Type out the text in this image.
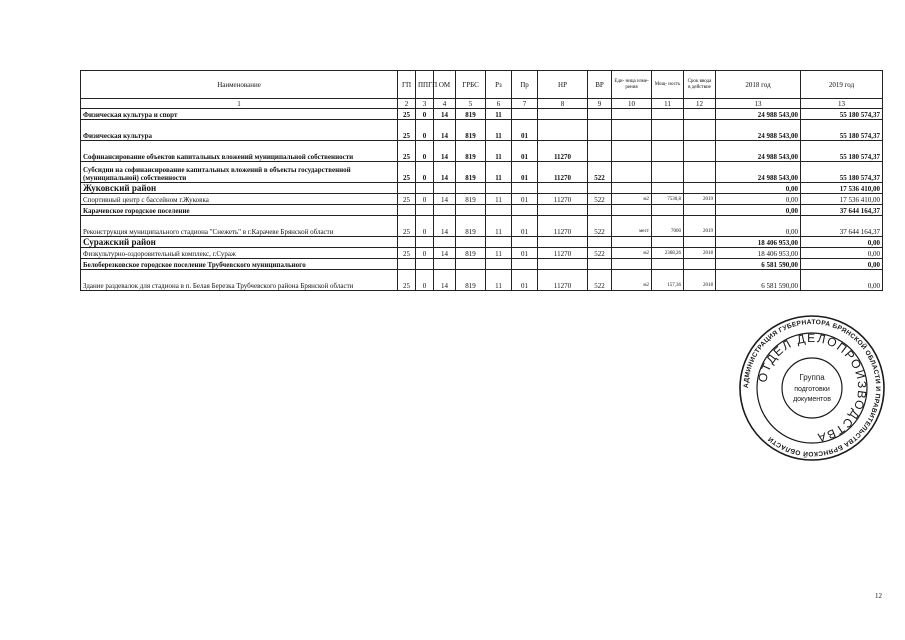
Наименование	ГП	ППГП	ОМ	ГРБС	Рз	Пр	НР	ВР	Еди- ница изме- рения	Мощ- ность	Срок ввода в действие	2018 год	2019 год
1	2	3	4	5	6	7	8	9	10	11	12	13	13
Физическая культура и спорт	25	0	14	819	11							24 988 543,00	55 180 574,37
Физическая культура	25	0	14	819	11	01						24 988 543,00	55 180 574,37
Софинансирование объектов капитальных вложений муниципальной собственности	25	0	14	819	11	01	11270					24 988 543,00	55 180 574,37
Субсидии на софинансирование капитальных вложений в объекты государственной (муниципальной) собственности	25	0	14	819	11	01	11270	522				24 988 543,00	55 180 574,37
Жуковский район												0,00	17 536 410,00
Спортивный центр с бассейном г.Жуковка	25	0	14	819	11	01	11270	522	м2	7530,8	2019	0,00	17 536 410,00
Карачевское городское поселение												0,00	37 644 164,37
Реконструкция муниципального стадиона "Снежеть" в г.Карачеве Брянской области	25	0	14	819	11	01	11270	522	мест	7000	2019	0,00	37 644 164,37
Суражский район												18 406 953,00	0,00
Физкультурно-оздоровительный комплекс, г.Сураж	25	0	14	819	11	01	11270	522	м2	2368,26	2018	18 406 953,00	0,00
Белоберезковское городское поселение Трубчевского муниципального												6 581 590,00	0,00
Здание раздевалок для стадиона в п. Белая Березка Трубчевского района Брянской области	25	0	14	819	11	01	11270	522	м2	157,36	2018	6 581 590,00	0,00
АДМИНИСТРАЦИЯ ГУБЕРНАТОРА БРЯНСКОЙ ОБЛАСТИ И ПРАВИТЕЛЬСТВА БРЯНСКОЙ ОБЛАСТИ
ОТДЕЛ ДЕЛОПРОИЗВОДСТВА
Группа
подготовки
документов
12
